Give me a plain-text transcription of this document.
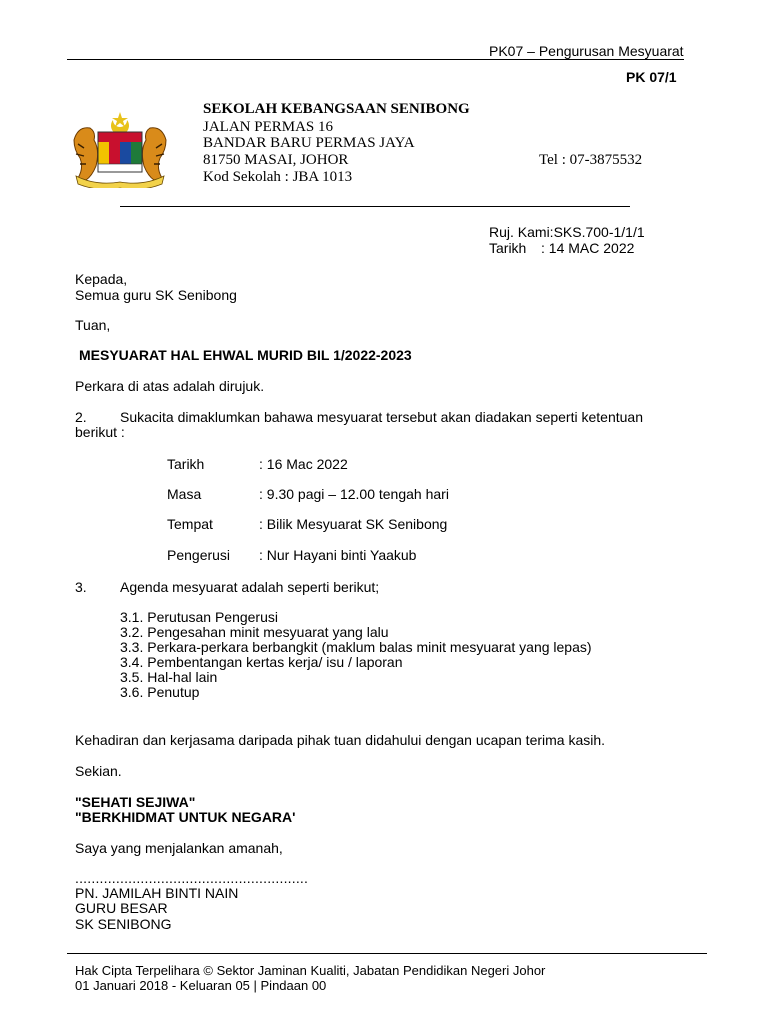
PK07 – Pengurusan Mesyuarat
PK 07/1
SEKOLAH KEBANGSAAN SENIBONG
JALAN PERMAS 16
BANDAR BARU PERMAS JAYA
81750 MASAI, JOHOR	Tel : 07-3875532
Kod Sekolah : JBA 1013
Ruj. Kami:SKS.700-1/1/1
Tarikh : 14 MAC 2022
Kepada,
Semua guru SK Senibong
Tuan,
MESYUARAT HAL EHWAL MURID BIL 1/2022-2023
Perkara di atas adalah dirujuk.
2. Sukacita dimaklumkan bahawa mesyuarat tersebut akan diadakan seperti ketentuan
berikut :
Tarikh	: 16 Mac 2022
Masa	: 9.30 pagi – 12.00 tengah hari
Tempat	: Bilik Mesyuarat SK Senibong
Pengerusi : Nur Hayani binti Yaakub
3. Agenda mesyuarat adalah seperti berikut;
3.1. Perutusan Pengerusi
3.2. Pengesahan minit mesyuarat yang lalu
3.3. Perkara-perkara berbangkit (maklum balas minit mesyuarat yang lepas)
3.4. Pembentangan kertas kerja/ isu / laporan
3.5. Hal-hal lain
3.6. Penutup
Kehadiran dan kerjasama daripada pihak tuan didahului dengan ucapan terima kasih.
Sekian.
"SEHATI SEJIWA"
"BERKHIDMAT UNTUK NEGARA'
Saya yang menjalankan amanah,
.........................................................
PN. JAMILAH BINTI NAIN
GURU BESAR
SK SENIBONG
Hak Cipta Terpelihara © Sektor Jaminan Kualiti, Jabatan Pendidikan Negeri Johor
01 Januari 2018 - Keluaran 05 | Pindaan 00
